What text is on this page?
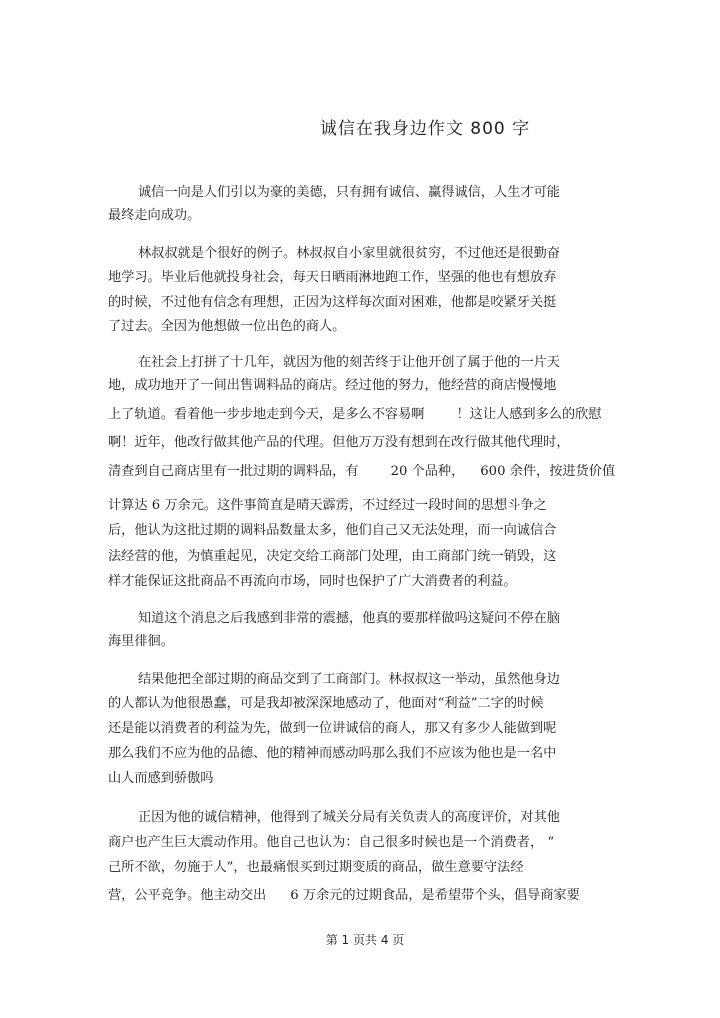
诚信在我身边作文 800 字
诚信一向是人们引以为豪的美德，只有拥有诚信、赢得诚信，人生才可能
最终走向成功。
林叔叔就是个很好的例子。林叔叔自小家里就很贫穷，不过他还是很勤奋
地学习。毕业后他就投身社会，每天日晒雨淋地跑工作，坚强的他也有想放弃
的时候，不过他有信念有理想，正因为这样每次面对困难，他都是咬紧牙关挺
了过去。全因为他想做一位出色的商人。
在社会上打拼了十几年，就因为他的刻苦终于让他开创了属于他的一片天
地，成功地开了一间出售调料品的商店。经过他的努力，他经营的商店慢慢地
上了轨道。看着他一步步地走到今天，是多么不容易啊 ！这让人感到多么的欣慰
啊！近年，他改行做其他产品的代理。但他万万没有想到在改行做其他代理时，
清查到自己商店里有一批过期的调料品，有 20 个品种， 600 余件，按进货价值
计算达 6 万余元。这件事简直是晴天霹雳，不过经过一段时间的思想斗争之
后，他认为这批过期的调料品数量太多，他们自己又无法处理，而一向诚信合
法经营的他，为慎重起见，决定交给工商部门处理，由工商部门统一销毁，这
样才能保证这批商品不再流向市场，同时也保护了广大消费者的利益。
知道这个消息之后我感到非常的震撼，他真的要那样做吗这疑问不停在脑
海里徘徊。
结果他把全部过期的商品交到了工商部门。林叔叔这一举动，虽然他身边
的人都认为他很愚蠢，可是我却被深深地感动了，他面对“利益”二字的时候
还是能以消费者的利益为先，做到一位讲诚信的商人，那又有多少人能做到呢
那么我们不应为他的品德、他的精神而感动吗那么我们不应该为他也是一名中
山人而感到骄傲吗
正因为他的诚信精神，他得到了城关分局有关负责人的高度评价，对其他
商户也产生巨大震动作用。他自己也认为：自己很多时候也是一个消费者， “
己所不欲，勿施于人”，也最痛恨买到过期变质的商品，做生意要守法经
营，公平竞争。他主动交出 6 万余元的过期食品，是希望带个头，倡导商家要
第 1 页共 4 页
